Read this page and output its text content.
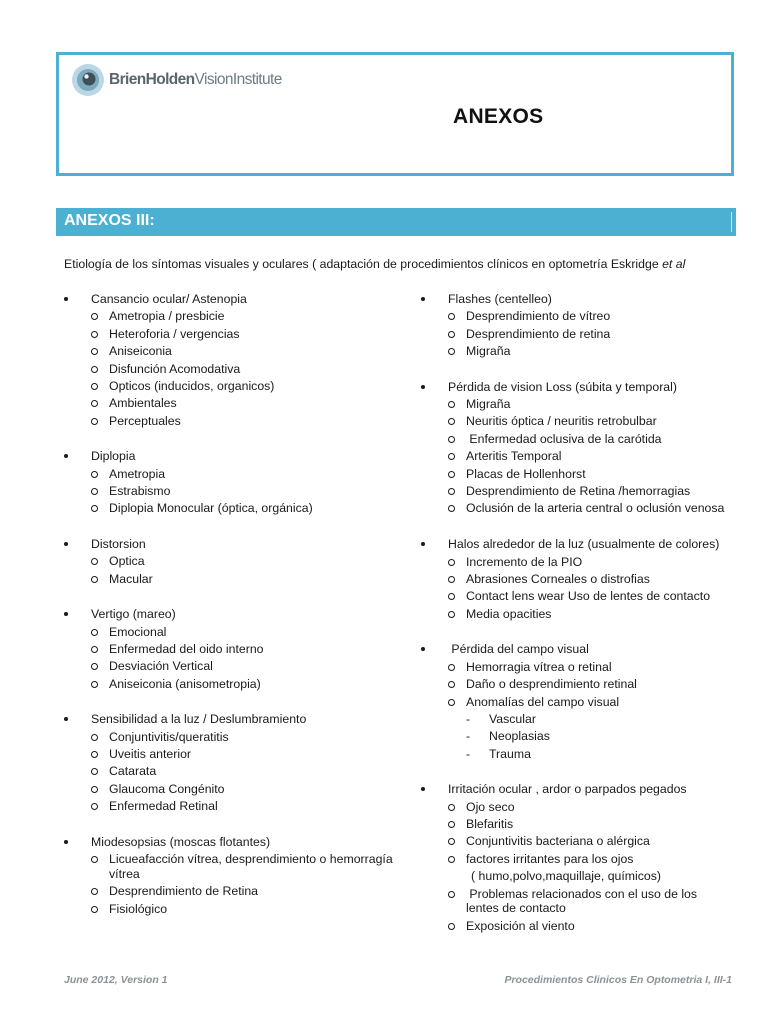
BrienHoldenVisionInstitute
ANEXOS
ANEXOS III:
Etiología de los síntomas visuales y oculares ( adaptación de procedimientos clínicos en optometría Eskridge et al
Cansancio ocular/ Astenopia
Ametropia / presbicie
Heteroforia / vergencias
Aniseiconia
Disfunción Acomodativa
Opticos (inducidos, organicos)
Ambientales
Perceptuales
Diplopia
Ametropia
Estrabismo
Diplopia Monocular (óptica, orgánica)
Distorsion
Optica
Macular
Vertigo (mareo)
Emocional
Enfermedad del oido interno
Desviación Vertical
Aniseiconia (anisometropia)
Sensibilidad a la luz / Deslumbramiento
Conjuntivitis/queratitis
Uveitis anterior
Catarata
Glaucoma Congénito
Enfermedad Retinal
Miodesopsias (moscas flotantes)
Licueafacción vítrea, desprendimiento o hemorragía vítrea
Desprendimiento de Retina
Fisiológico
Flashes (centelleo)
Desprendimiento de vítreo
Desprendimiento de retina
Migraña
Pérdida de vision Loss (súbita y temporal)
Migraña
Neuritis óptica / neuritis retrobulbar
Enfermedad oclusiva de la carótida
Arteritis Temporal
Placas de Hollenhorst
Desprendimiento de Retina /hemorragias
Oclusión de la arteria central o oclusión venosa
Halos alrededor de la luz (usualmente de colores)
Incremento de la PIO
Abrasiones Corneales o distrofias
Contact lens wear Uso de lentes de contacto
Media opacities
Pérdida del campo visual
Hemorragia vítrea o retinal
Daño o desprendimiento retinal
Anomalías del campo visual
- Vascular
- Neoplasias
- Trauma
Irritación ocular , ardor o parpados pegados
Ojo seco
Blefaritis
Conjuntivitis bacteriana o alérgica
factores irritantes para los ojos
( humo,polvo,maquillaje, químicos)
Problemas relacionados con el uso de los lentes de contacto
Exposición al viento
June 2012, Version 1	Procedimientos Clinicos En Optometria I, III-1
